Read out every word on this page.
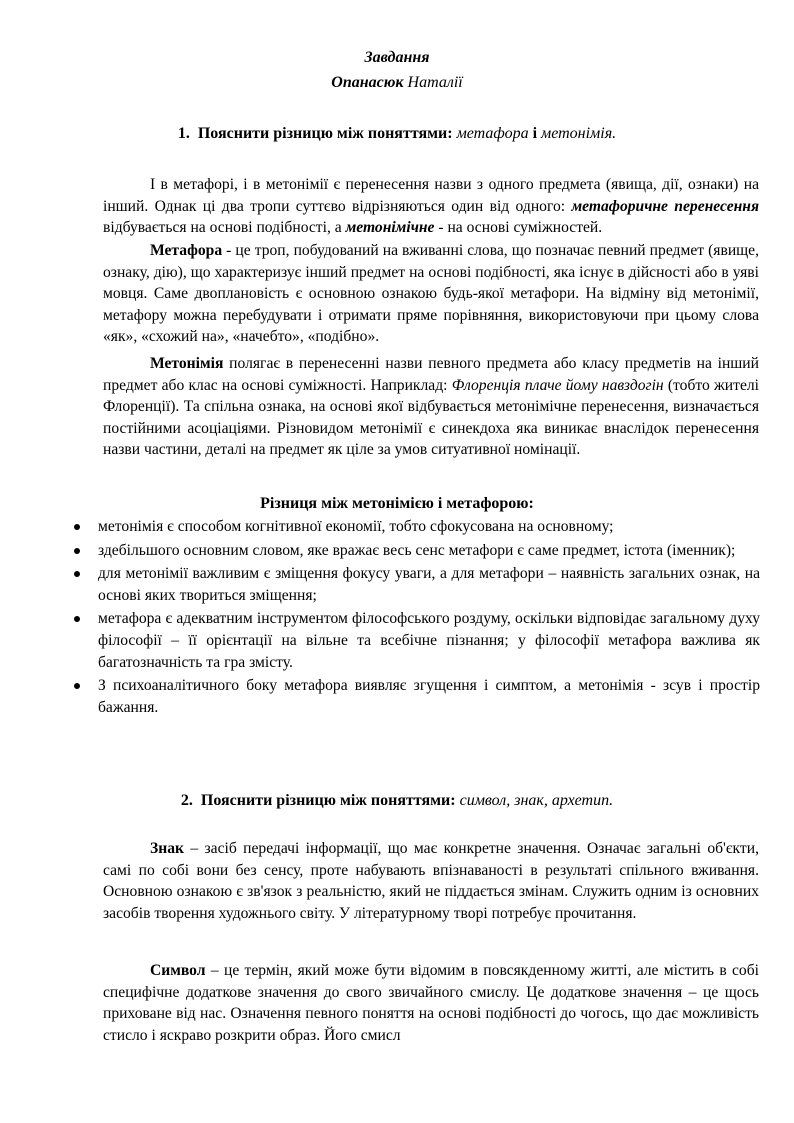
Завдання
Опанасюк Наталії
1. Пояснити різницю між поняттями: метафора і метонімія.
І в метафорі, і в метонімії є перенесення назви з одного предмета (явища, дії, ознаки) на інший. Однак ці два тропи суттєво відрізняються один від одного: метафоричне перенесення відбувається на основі подібності, а метонімічне - на основі суміжностей.
Метафора - це троп, побудований на вживанні слова, що позначає певний предмет (явище, ознаку, дію), що характеризує інший предмет на основі подібності, яка існує в дійсності або в уяві мовця. Саме двоплановість є основною ознакою будь-якої метафори. На відміну від метонімії, метафору можна перебудувати і отримати пряме порівняння, використовуючи при цьому слова «як», «схожий на», «начебто», «подібно».
Метонімія полягає в перенесенні назви певного предмета або класу предметів на інший предмет або клас на основі суміжності. Наприклад: Флоренція плаче йому навздогін (тобто жителі Флоренції). Та спільна ознака, на основі якої відбувається метонімічне перенесення, визначається постійними асоціаціями. Різновидом метонімії є синекдоха яка виникає внаслідок перенесення назви частини, деталі на предмет як ціле за умов ситуативної номінації.
Різниця між метонімією і метафорою:
метонімія є способом когнітивної економії, тобто сфокусована на основному;
здебільшого основним словом, яке вражає весь сенс метафори є саме предмет, істота (іменник);
для метонімії важливим є зміщення фокусу уваги, а для метафори – наявність загальних ознак, на основі яких твориться зміщення;
метафора є адекватним інструментом філософського роздуму, оскільки відповідає загальному духу філософії – її орієнтації на вільне та всебічне пізнання; у філософії метафора важлива як багатозначність та гра змісту.
З психоаналітичного боку метафора виявляє згущення і симптом, а метонімія - зсув і простір бажання.
2. Пояснити різницю між поняттями: символ, знак, архетип.
Знак – засіб передачі інформації, що має конкретне значення. Означає загальні об'єкти, самі по собі вони без сенсу, проте набувають впізнаваності в результаті спільного вживання. Основною ознакою є зв'язок з реальністю, який не піддається змінам. Служить одним із основних засобів творення художнього світу. У літературному творі потребує прочитання.
Символ – це термін, який може бути відомим в повсякденному житті, але містить в собі специфічне додаткове значення до свого звичайного смислу. Це додаткове значення – це щось приховане від нас. Означення певного поняття на основі подібності до чогось, що дає можливість стисло і яскраво розкрити образ. Його смисл
